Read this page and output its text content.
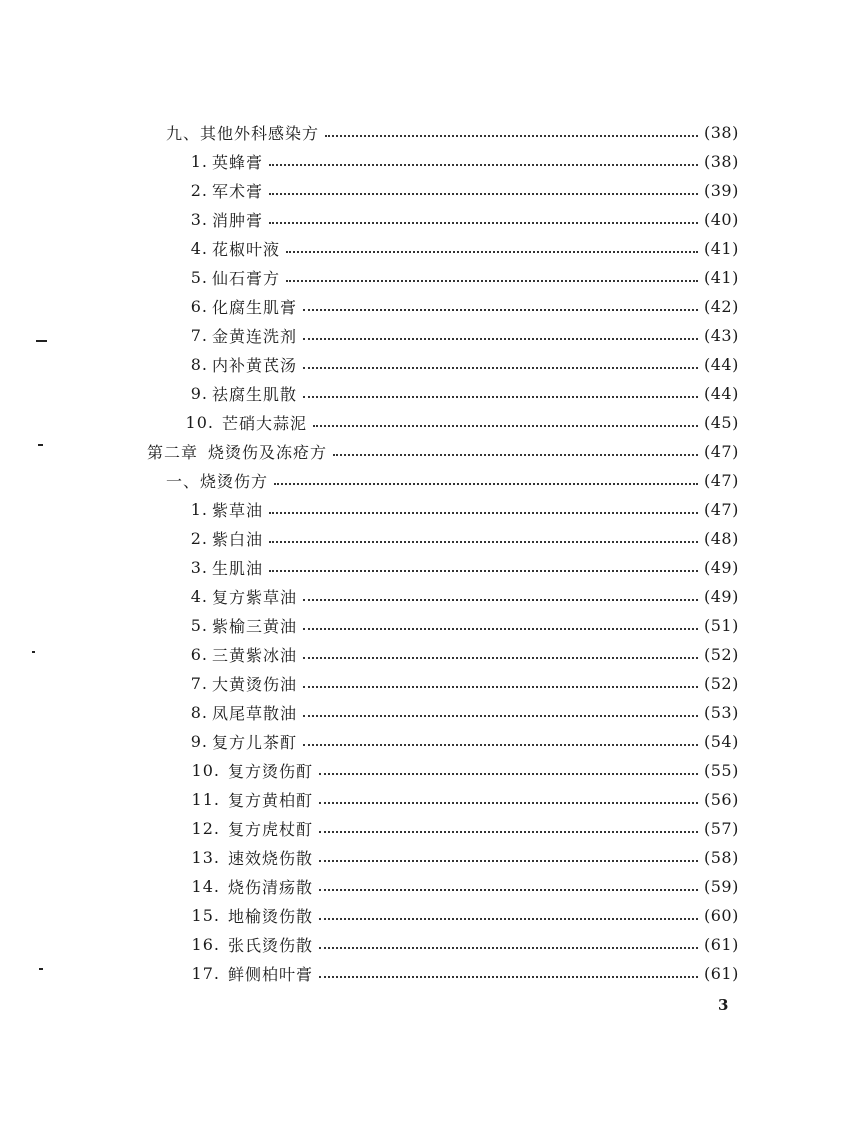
九、 其他外科感染方	(38)
1. 英蜂膏	(38)
2. 军术膏	(39)
3. 消肿膏	(40)
4. 花椒叶液	(41)
5. 仙石膏方	(41)
6. 化腐生肌膏	(42)
7. 金黄连洗剂	(43)
8. 内补黄芪汤	(44)
9. 祛腐生肌散	(44)
10. 芒硝大蒜泥	(45)
第二章 烧烫伤及冻疮方	(47)
一、 烧烫伤方	(47)
1. 紫草油	(47)
2. 紫白油	(48)
3. 生肌油	(49)
4. 复方紫草油	(49)
5. 紫榆三黄油	(51)
6. 三黄紫冰油	(52)
7. 大黄烫伤油	(52)
8. 凤尾草散油	(53)
9. 复方儿茶酊	(54)
10. 复方烫伤酊	(55)
11. 复方黄柏酊	(56)
12. 复方虎杖酊	(57)
13. 速效烧伤散	(58)
14. 烧伤清疡散	(59)
15. 地榆烫伤散	(60)
16. 张氏烫伤散	(61)
17. 鲜侧柏叶膏	(61)
3
